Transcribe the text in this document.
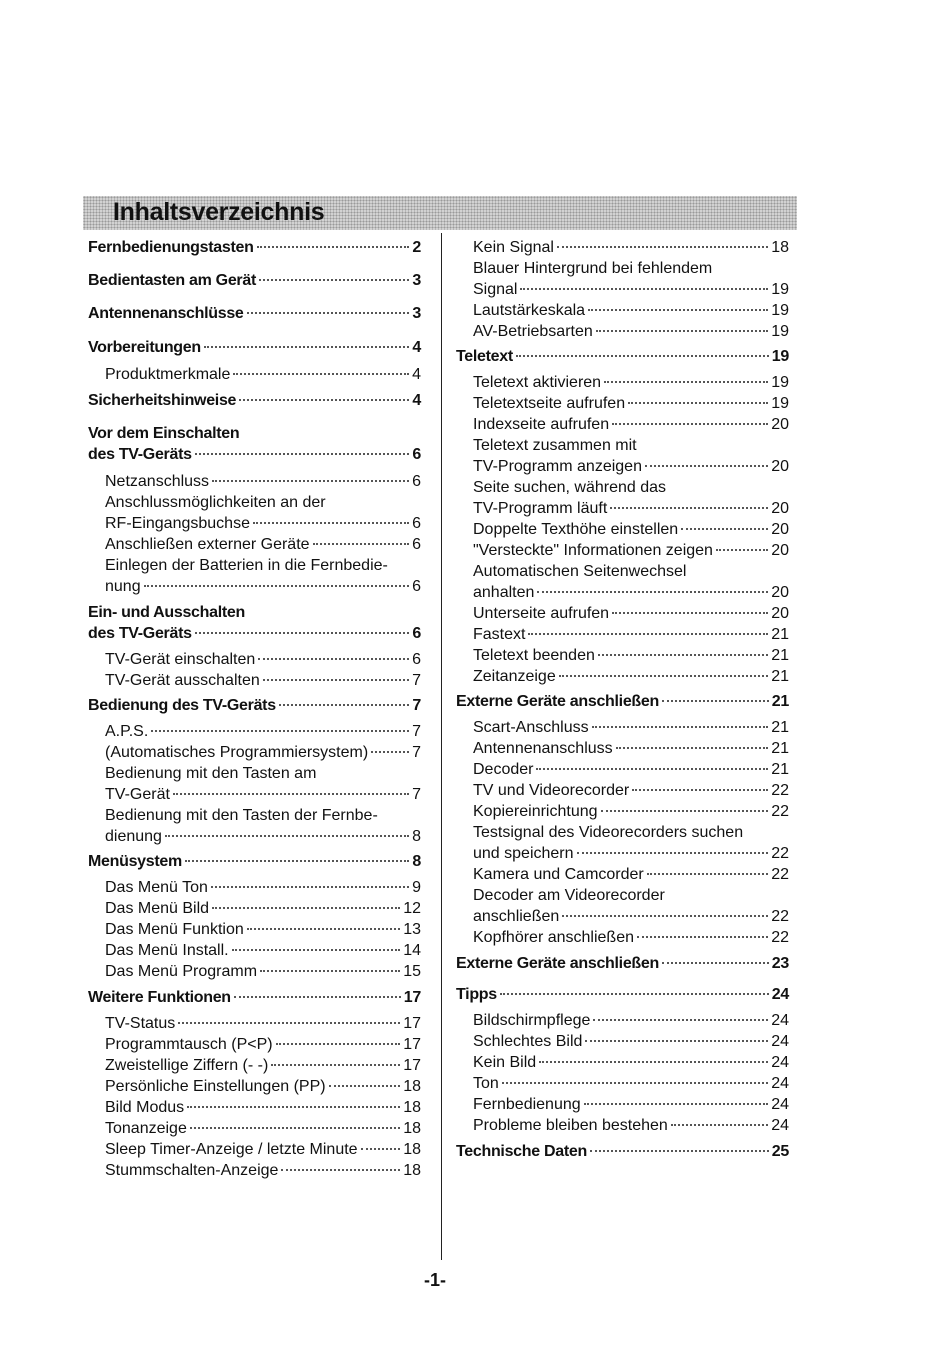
Inhaltsverzeichnis
Fernbedienungstasten	2
Bedientasten am Gerät	3
Antennenanschlüsse	3
Vorbereitungen	4
Produktmerkmale	4
Sicherheitshinweise	4
Vor dem Einschalten
des TV-Geräts	6
Netzanschluss	6
Anschlussmöglichkeiten an der
RF-Eingangsbuchse	6
Anschließen externer Geräte	6
Einlegen der Batterien in die Fernbedie-
nung	6
Ein- und Ausschalten
des TV-Geräts	6
TV-Gerät einschalten	6
TV-Gerät ausschalten	7
Bedienung des TV-Geräts	7
A.P.S.	7
(Automatisches Programmiersystem)	7
Bedienung mit den Tasten am
TV-Gerät	7
Bedienung mit den Tasten der Fernbe-
dienung	8
Menüsystem	8
Das Menü Ton	9
Das Menü Bild	12
Das Menü Funktion	13
Das Menü Install.	14
Das Menü Programm	15
Weitere Funktionen	17
TV-Status	17
Programmtausch (P<P)	17
Zweistellige Ziffern (- -)	17
Persönliche Einstellungen (PP)	18
Bild Modus	18
Tonanzeige	18
Sleep Timer-Anzeige / letzte Minute	18
Stummschalten-Anzeige	18
Kein Signal	18
Blauer Hintergrund bei fehlendem
Signal	19
Lautstärkeskala	19
AV-Betriebsarten	19
Teletext	19
Teletext aktivieren	19
Teletextseite aufrufen	19
Indexseite aufrufen	20
Teletext zusammen mit
TV-Programm anzeigen	20
Seite suchen, während das
TV-Programm läuft	20
Doppelte Texthöhe einstellen	20
"Versteckte" Informationen zeigen	20
Automatischen Seitenwechsel
anhalten	20
Unterseite aufrufen	20
Fastext	21
Teletext beenden	21
Zeitanzeige	21
Externe Geräte anschließen	21
Scart-Anschluss	21
Antennenanschluss	21
Decoder	21
TV und Videorecorder	22
Kopiereinrichtung	22
Testsignal des Videorecorders suchen
und speichern	22
Kamera und Camcorder	22
Decoder am Videorecorder
anschließen	22
Kopfhörer anschließen	22
Externe Geräte anschließen	23
Tipps	24
Bildschirmpflege	24
Schlechtes Bild	24
Kein Bild	24
Ton	24
Fernbedienung	24
Probleme bleiben bestehen	24
Technische Daten	25
-1-
